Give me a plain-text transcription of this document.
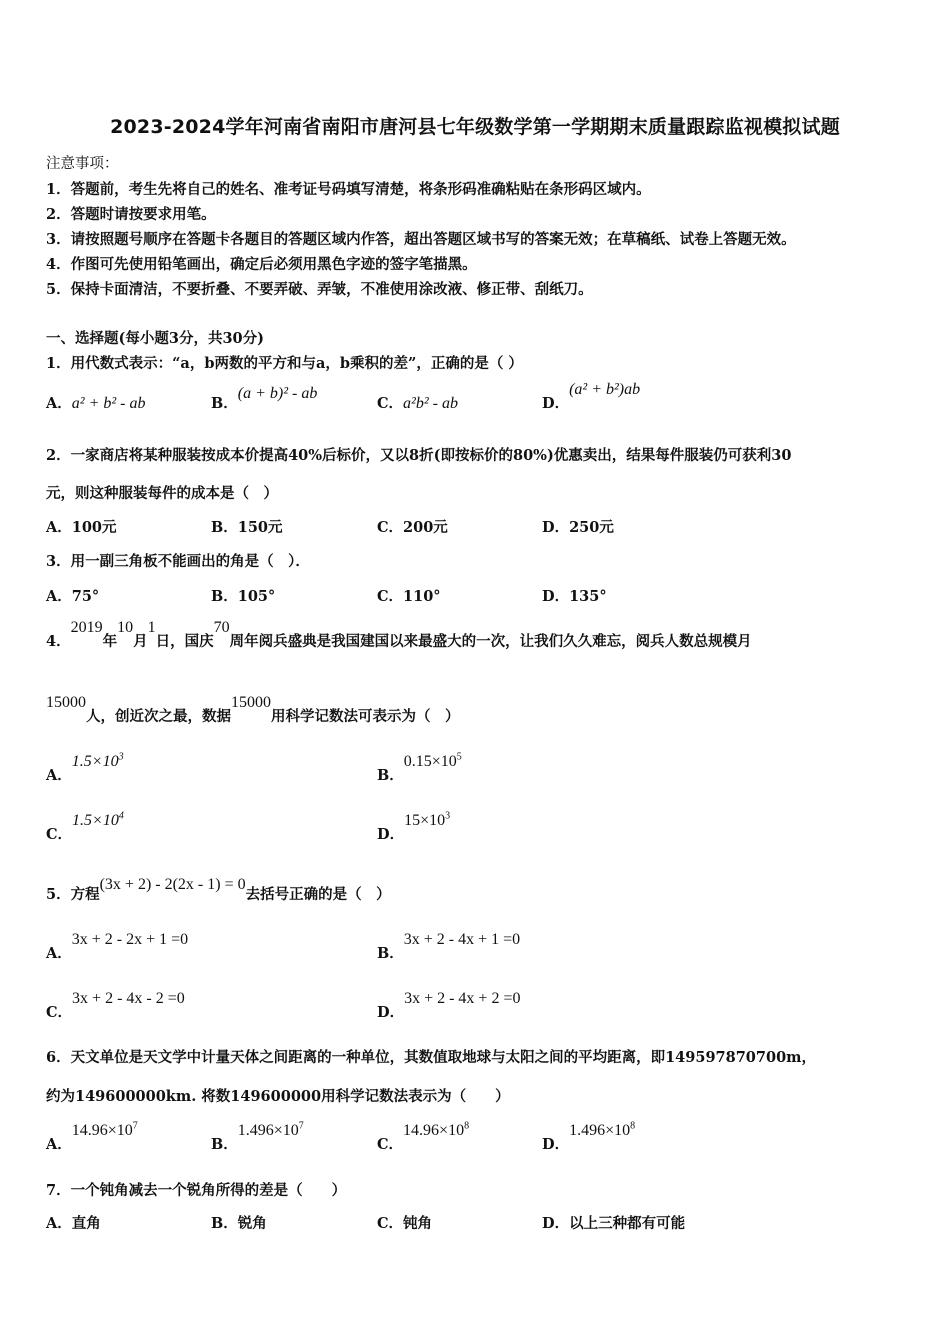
2023-2024学年河南省南阳市唐河县七年级数学第一学期期末质量跟踪监视模拟试题
注意事项：
1．答题前，考生先将自己的姓名、准考证号码填写清楚，将条形码准确粘贴在条形码区域内。
2．答题时请按要求用笔。
3．请按照题号顺序在答题卡各题目的答题区域内作答，超出答题区域书写的答案无效；在草稿纸、试卷上答题无效。
4．作图可先使用铅笔画出，确定后必须用黑色字迹的签字笔描黑。
5．保持卡面清洁，不要折叠、不要弄破、弄皱，不准使用涂改液、修正带、刮纸刀。
一、选择题(每小题3分，共30分)
1．用代数式表示：“a，b两数的平方和与a，b乘积的差”，正确的是（ ）
A．a² + b² - ab	B．(a + b)² - ab
C．a²b² - ab	D．(a² + b²)ab
2．一家商店将某种服装按成本价提高40%后标价，又以8折(即按标价的80%)优惠卖出，结果每件服装仍可获利30
元，则这种服装每件的成本是（　）
A．100元	B．150元	C．200元	D．250元
3．用一副三角板不能画出的角是（　）．
A．75°	B．105°	C．110°	D．135°
4．2019年10月1日，国庆70周年阅兵盛典是我国建国以来最盛大的一次，让我们久久难忘，阅兵人数总规模月
15000人，创近次之最，数据15000用科学记数法可表示为（　）
A．$1.5\times 10^3$
B．$0.15\times 10^5$
C．$1.5\times 10^4$
D．$15\times 10^3$
5．方程(3x + 2) - 2(2x - 1) = 0去括号正确的是（　）
A．3x + 2 - 2x + 1 =0
B．3x + 2 - 4x + 1 =0
C．3x + 2 - 4x - 2 =0
D．3x + 2 - 4x + 2 =0
6．天文单位是天文学中计量天体之间距离的一种单位，其数值取地球与太阳之间的平均距离，即149597870700m，
约为149600000km. 将数149600000用科学记数法表示为（　　）
A．$14.96\times 10^7$
B．$1.496\times 10^7$
C．$14.96\times 10^8$
D．$1.496\times 10^8$
7．一个钝角减去一个锐角所得的差是（　　）
A．直角	B．锐角	C．钝角	D．以上三种都有可能
